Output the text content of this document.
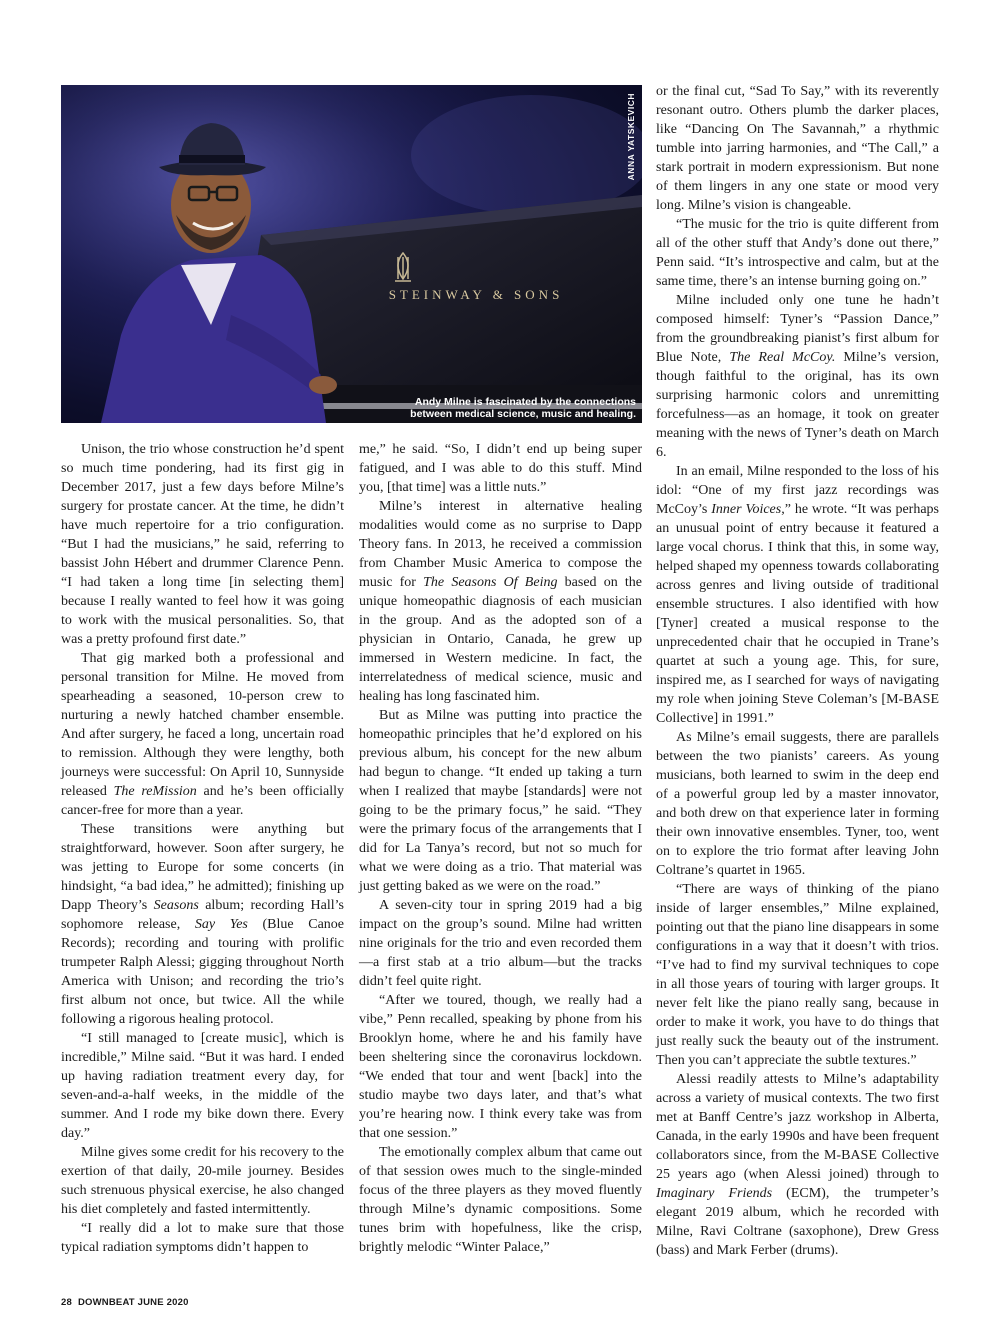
ANNA YATSKEVICH
STEINWAY & SONS
Andy Milne is fascinated by the connections
between medical science, music and healing.

Unison, the trio whose construction he’d spent so much time pondering, had its first gig in December 2017, just a few days before Milne’s surgery for prostate cancer. At the time, he didn’t have much repertoire for a trio configuration. “But I had the musicians,” he said, referring to bassist John Hébert and drummer Clarence Penn. “I had taken a long time [in selecting them] because I really wanted to feel how it was going to work with the musical personalities. So, that was a pretty profound first date.”

That gig marked both a professional and personal transition for Milne. He moved from spearheading a seasoned, 10-person crew to nurturing a newly hatched chamber ensemble. And after surgery, he faced a long, uncertain road to remission. Although they were lengthy, both journeys were successful: On April 10, Sunnyside released The reMission and he’s been officially cancer-free for more than a year.

These transitions were anything but straightforward, however. Soon after surgery, he was jetting to Europe for some concerts (in hindsight, “a bad idea,” he admitted); finishing up Dapp Theory’s Seasons album; recording Hall’s sophomore release, Say Yes (Blue Canoe Records); recording and touring with prolific trumpeter Ralph Alessi; gigging throughout North America with Unison; and recording the trio’s first album not once, but twice. All the while following a rigorous healing protocol.

“I still managed to [create music], which is incredible,” Milne said. “But it was hard. I ended up having radiation treatment every day, for seven-and-a-half weeks, in the middle of the summer. And I rode my bike down there. Every day.”

Milne gives some credit for his recovery to the exertion of that daily, 20-mile journey. Besides such strenuous physical exercise, he also changed his diet completely and fasted intermittently.

“I really did a lot to make sure that those typical radiation symptoms didn’t happen to

me,” he said. “So, I didn’t end up being super fatigued, and I was able to do this stuff. Mind you, [that time] was a little nuts.”

Milne’s interest in alternative healing modalities would come as no surprise to Dapp Theory fans. In 2013, he received a commission from Chamber Music America to compose the music for The Seasons Of Being based on the unique homeopathic diagnosis of each musician in the group. And as the adopted son of a physician in Ontario, Canada, he grew up immersed in Western medicine. In fact, the interrelatedness of medical science, music and healing has long fascinated him.

But as Milne was putting into practice the homeopathic principles that he’d explored on his previous album, his concept for the new album had begun to change. “It ended up taking a turn when I realized that maybe [standards] were not going to be the primary focus,” he said. “They were the primary focus of the arrangements that I did for La Tanya’s record, but not so much for what we were doing as a trio. That material was just getting baked as we were on the road.”

A seven-city tour in spring 2019 had a big impact on the group’s sound. Milne had written nine originals for the trio and even recorded them—a first stab at a trio album—but the tracks didn’t feel quite right.

“After we toured, though, we really had a vibe,” Penn recalled, speaking by phone from his Brooklyn home, where he and his family have been sheltering since the coronavirus lockdown. “We ended that tour and went [back] into the studio maybe two days later, and that’s what you’re hearing now. I think every take was from that one session.”

The emotionally complex album that came out of that session owes much to the single-minded focus of the three players as they moved fluently through Milne’s dynamic compositions. Some tunes brim with hopefulness, like the crisp, brightly melodic “Winter Palace,”

or the final cut, “Sad To Say,” with its reverently resonant outro. Others plumb the darker places, like “Dancing On The Savannah,” a rhythmic tumble into jarring harmonies, and “The Call,” a stark portrait in modern expressionism. But none of them lingers in any one state or mood very long. Milne’s vision is changeable.

“The music for the trio is quite different from all of the other stuff that Andy’s done out there,” Penn said. “It’s introspective and calm, but at the same time, there’s an intense burning going on.”

Milne included only one tune he hadn’t composed himself: Tyner’s “Passion Dance,” from the groundbreaking pianist’s first album for Blue Note, The Real McCoy. Milne’s version, though faithful to the original, has its own surprising harmonic colors and unremitting forcefulness—as an homage, it took on greater meaning with the news of Tyner’s death on March 6.

In an email, Milne responded to the loss of his idol: “One of my first jazz recordings was McCoy’s Inner Voices,” he wrote. “It was perhaps an unusual point of entry because it featured a large vocal chorus. I think that this, in some way, helped shaped my openness towards collaborating across genres and living outside of traditional ensemble structures. I also identified with how [Tyner] created a musical response to the unprecedented chair that he occupied in Trane’s quartet at such a young age. This, for sure, inspired me, as I searched for ways of navigating my role when joining Steve Coleman’s [M-BASE Collective] in 1991.”

As Milne’s email suggests, there are parallels between the two pianists’ careers. As young musicians, both learned to swim in the deep end of a powerful group led by a master innovator, and both drew on that experience later in forming their own innovative ensembles. Tyner, too, went on to explore the trio format after leaving John Coltrane’s quartet in 1965.

“There are ways of thinking of the piano inside of larger ensembles,” Milne explained, pointing out that the piano line disappears in some configurations in a way that it doesn’t with trios. “I’ve had to find my survival techniques to cope in all those years of touring with larger groups. It never felt like the piano really sang, because in order to make it work, you have to do things that just really suck the beauty out of the instrument. Then you can’t appreciate the subtle textures.”

Alessi readily attests to Milne’s adaptability across a variety of musical contexts. The two first met at Banff Centre’s jazz workshop in Alberta, Canada, in the early 1990s and have been frequent collaborators since, from the M-BASE Collective 25 years ago (when Alessi joined) through to Imaginary Friends (ECM), the trumpeter’s elegant 2019 album, which he recorded with Milne, Ravi Coltrane (saxophone), Drew Gress (bass) and Mark Ferber (drums).

28 DOWNBEAT JUNE 2020
